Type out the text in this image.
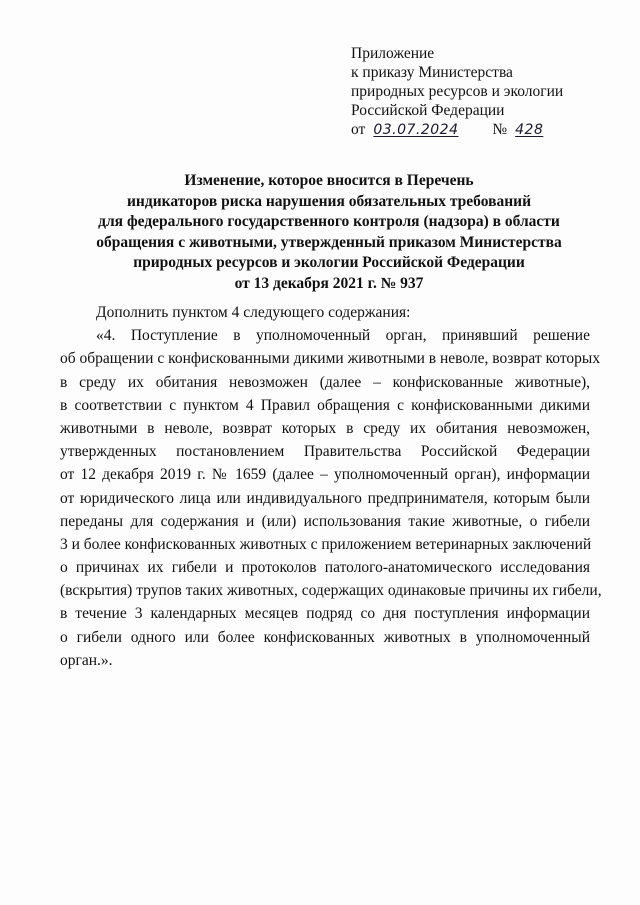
Приложение
к приказу Министерства
природных ресурсов и экологии
Российской Федерации
от 03.07.2024	№ 428
Изменение, которое вносится в Перечень
индикаторов риска нарушения обязательных требований
для федерального государственного контроля (надзора) в области
обращения с животными, утвержденный приказом Министерства
природных ресурсов и экологии Российской Федерации
от 13 декабря 2021 г. № 937
Дополнить пунктом 4 следующего содержания:
«4. Поступление в уполномоченный орган, принявший решение
об обращении с конфискованными дикими животными в неволе, возврат которых
в среду их обитания невозможен (далее – конфискованные животные),
в соответствии с пунктом 4 Правил обращения с конфискованными дикими
животными в неволе, возврат которых в среду их обитания невозможен,
утвержденных постановлением Правительства Российской Федерации
от 12 декабря 2019 г. № 1659 (далее – уполномоченный орган), информации
от юридического лица или индивидуального предпринимателя, которым были
переданы для содержания и (или) использования такие животные, о гибели
3 и более конфискованных животных с приложением ветеринарных заключений
о причинах их гибели и протоколов патолого-анатомического исследования
(вскрытия) трупов таких животных, содержащих одинаковые причины их гибели,
в течение 3 календарных месяцев подряд со дня поступления информации
о гибели одного или более конфискованных животных в уполномоченный
орган.».
